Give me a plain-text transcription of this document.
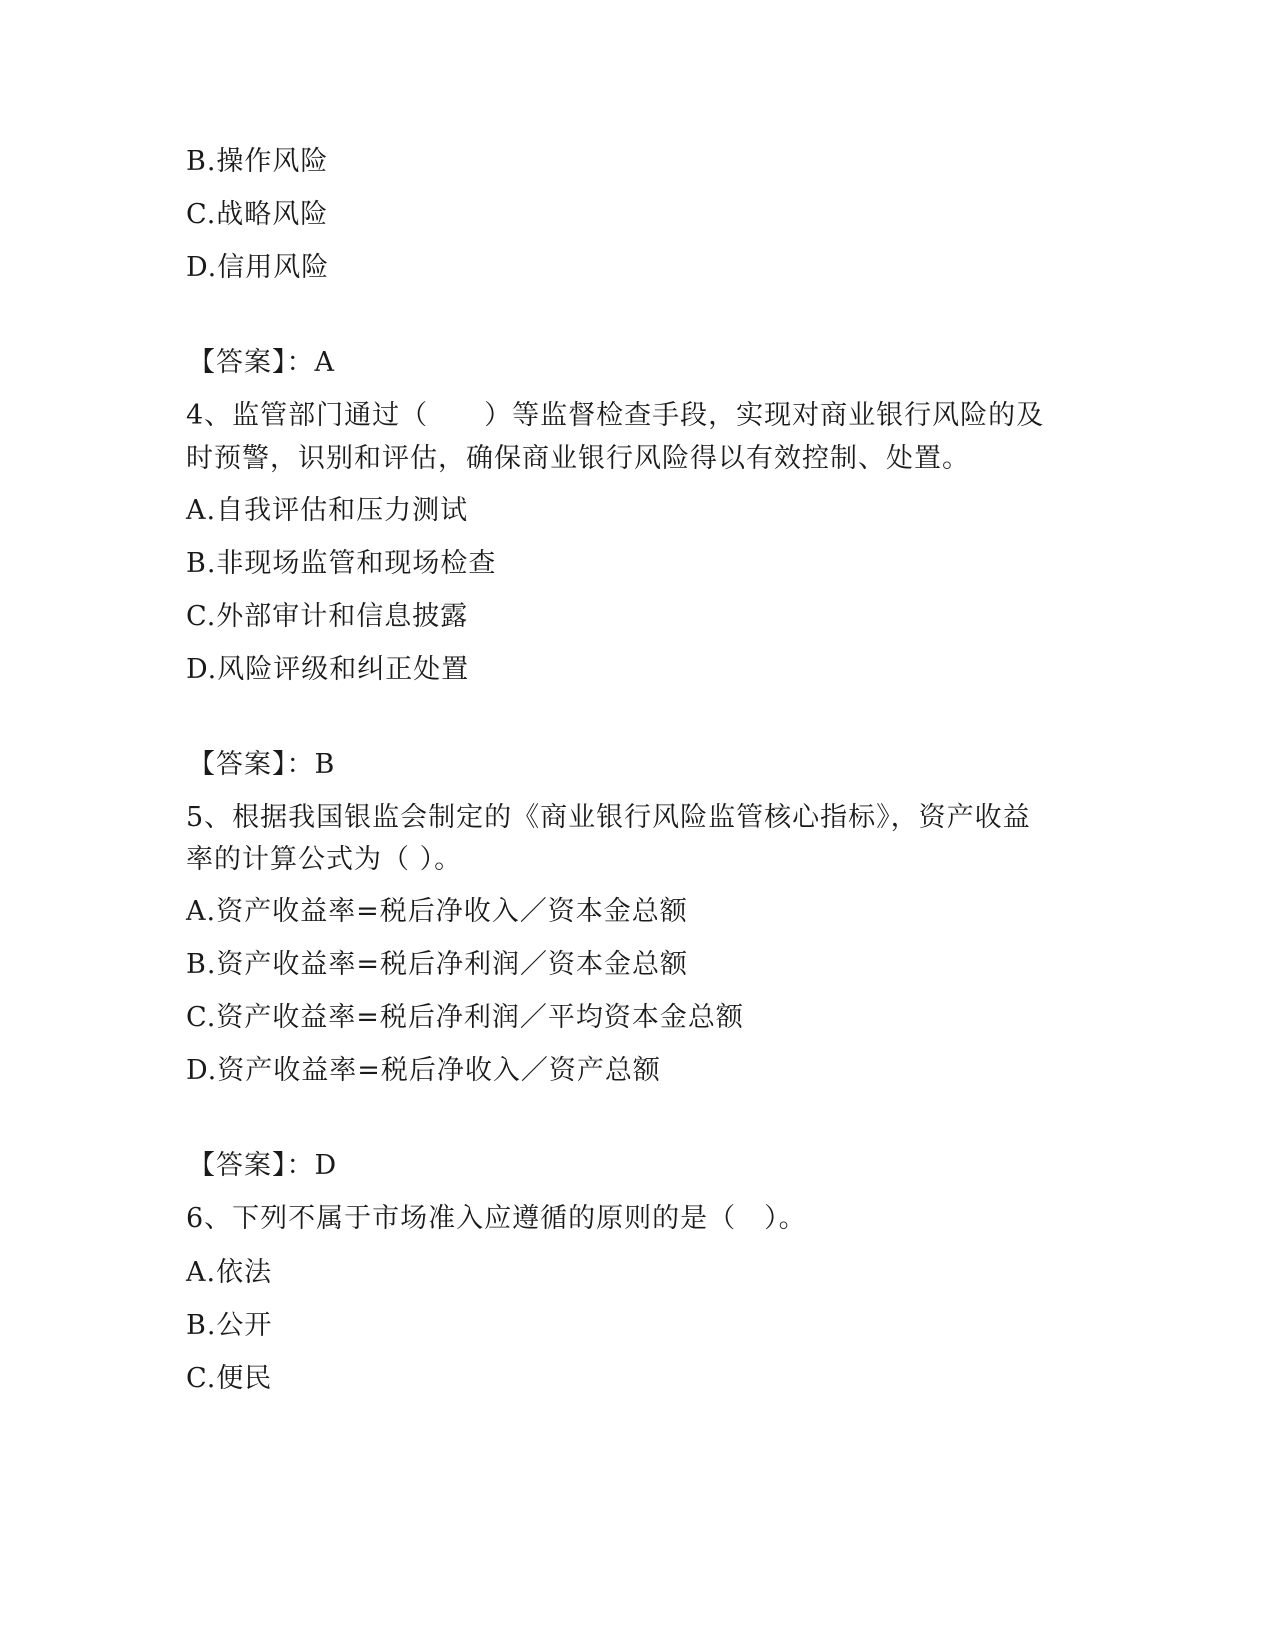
B.操作风险
C.战略风险
D.信用风险
【答案】：A
4、监管部门通过（　　）等监督检查手段，实现对商业银行风险的及
时预警，识别和评估，确保商业银行风险得以有效控制、处置。
A.自我评估和压力测试
B.非现场监管和现场检查
C.外部审计和信息披露
D.风险评级和纠正处置
【答案】：B
5、根据我国银监会制定的《商业银行风险监管核心指标》，资产收益
率的计算公式为（ ）。
A.资产收益率=税后净收入／资本金总额
B.资产收益率=税后净利润／资本金总额
C.资产收益率=税后净利润／平均资本金总额
D.资产收益率=税后净收入／资产总额
【答案】：D
6、下列不属于市场准入应遵循的原则的是（　）。
A.依法
B.公开
C.便民
